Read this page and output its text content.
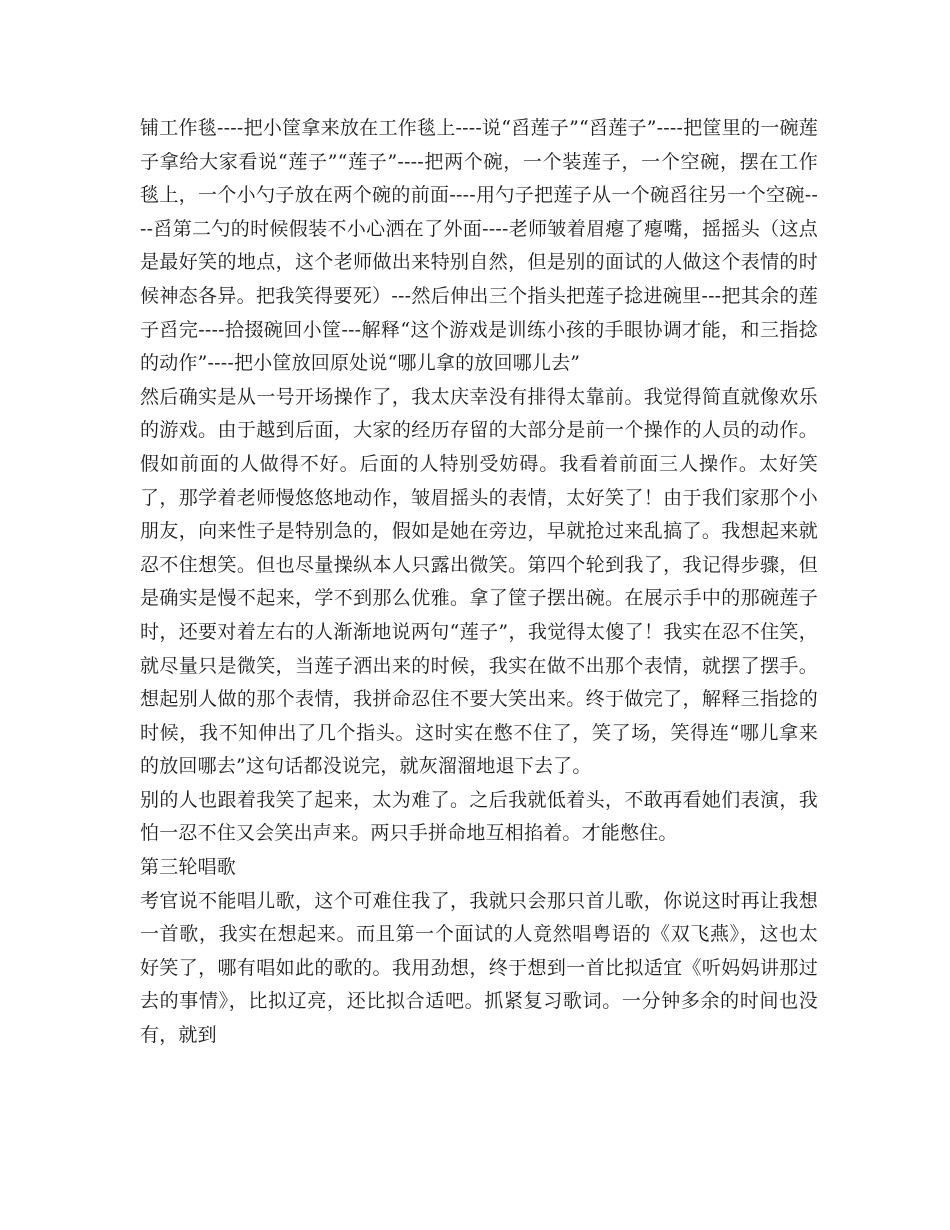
铺工作毯----把小筐拿来放在工作毯上----说“舀莲子”“舀莲子”----把筐里的一碗莲子拿给大家看说“莲子”“莲子”----把两个碗，一个装莲子，一个空碗，摆在工作毯上，一个小勺子放在两个碗的前面----用勺子把莲子从一个碗舀往另一个空碗----舀第二勺的时候假装不小心洒在了外面----老师皱着眉瘪了瘪嘴，摇摇头（这点是最好笑的地点，这个老师做出来特别自然，但是别的面试的人做这个表情的时候神态各异。把我笑得要死）---然后伸出三个指头把莲子捻进碗里---把其余的莲子舀完----拾掇碗回小筐---解释“这个游戏是训练小孩的手眼协调才能，和三指捻的动作”----把小筐放回原处说“哪儿拿的放回哪儿去”

然后确实是从一号开场操作了，我太庆幸没有排得太靠前。我觉得简直就像欢乐的游戏。由于越到后面，大家的经历存留的大部分是前一个操作的人员的动作。假如前面的人做得不好。后面的人特别受妨碍。我看着前面三人操作。太好笑了，那学着老师慢悠悠地动作，皱眉摇头的表情，太好笑了！由于我们家那个小朋友，向来性子是特别急的，假如是她在旁边，早就抢过来乱搞了。我想起来就忍不住想笑。但也尽量操纵本人只露出微笑。第四个轮到我了，我记得步骤，但是确实是慢不起来，学不到那么优雅。拿了筐子摆出碗。在展示手中的那碗莲子时，还要对着左右的人渐渐地说两句“莲子”，我觉得太傻了！我实在忍不住笑，就尽量只是微笑，当莲子洒出来的时候，我实在做不出那个表情，就摆了摆手。想起别人做的那个表情，我拼命忍住不要大笑出来。终于做完了，解释三指捻的时候，我不知伸出了几个指头。这时实在憋不住了，笑了场，笑得连“哪儿拿来的放回哪去”这句话都没说完，就灰溜溜地退下去了。

别的人也跟着我笑了起来，太为难了。之后我就低着头，不敢再看她们表演，我怕一忍不住又会笑出声来。两只手拼命地互相掐着。才能憋住。

第三轮唱歌

考官说不能唱儿歌，这个可难住我了，我就只会那只首儿歌，你说这时再让我想一首歌，我实在想起来。而且第一个面试的人竟然唱粤语的《双飞燕》，这也太好笑了，哪有唱如此的歌的。我用劲想，终于想到一首比拟适宜《听妈妈讲那过去的事情》，比拟辽亮，还比拟合适吧。抓紧复习歌词。一分钟多余的时间也没有，就到
